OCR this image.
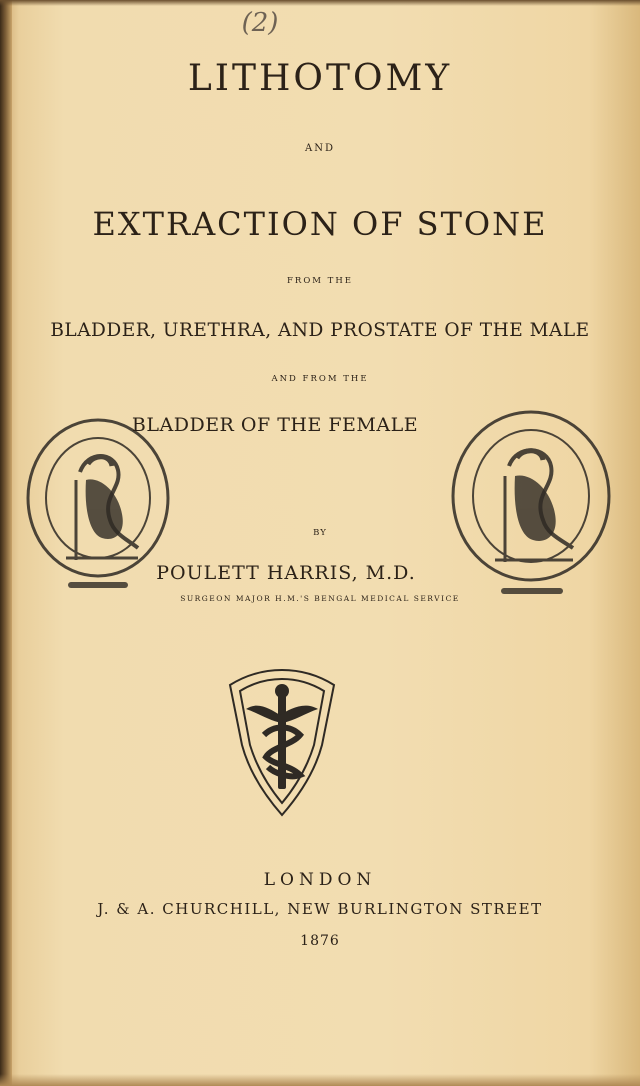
(2)
LITHOTOMY
AND
EXTRACTION OF STONE
FROM THE
BLADDER, URETHRA, AND PROSTATE OF THE MALE
AND FROM THE
BLADDER OF THE FEMALE
BY
POULETT HARRIS, M.D.
SURGEON MAJOR H.M.'S BENGAL MEDICAL SERVICE
LONDON
J. & A. CHURCHILL, NEW BURLINGTON STREET
1876
